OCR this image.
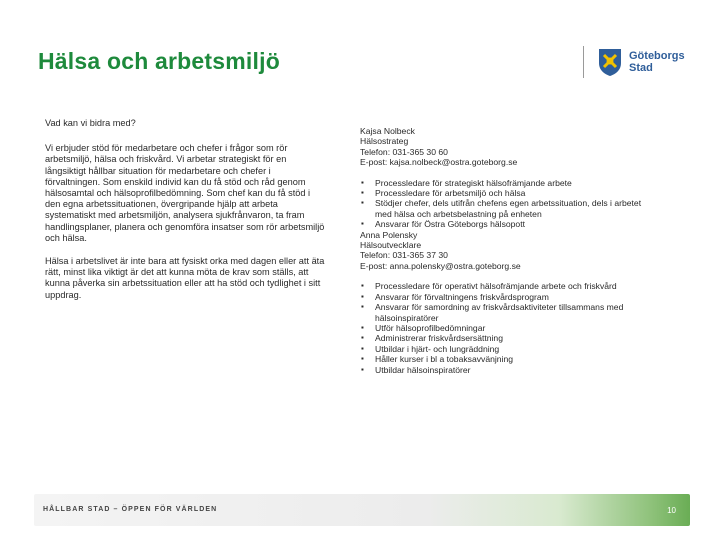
Hälsa och arbetsmiljö	Göteborgs
Stad

Vad kan vi bidra med?

Vi erbjuder stöd för medarbetare och chefer i frågor som rör arbetsmiljö, hälsa och friskvård. Vi arbetar strategiskt för en långsiktigt hållbar situation för medarbetare och chefer i förvaltningen. Som enskild individ kan du få stöd och råd genom hälsosamtal och hälsoprofilbedömning. Som chef kan du få stöd i den egna arbetssituationen, övergripande hjälp att arbeta systematiskt med arbetsmiljön, analysera sjukfrånvaron, ta fram handlingsplaner, planera och genomföra insatser som rör arbetsmiljö och hälsa.

Hälsa i arbetslivet är inte bara att fysiskt orka med dagen eller att äta rätt, minst lika viktigt är det att kunna möta de krav som ställs, att kunna påverka sin arbetssituation eller att ha stöd och tydlighet i sitt uppdrag.

Kajsa Nolbeck
Hälsostrateg
Telefon: 031-365 30 60
E-post: kajsa.nolbeck@ostra.goteborg.se
▪ Processledare för strategiskt hälsofrämjande arbete
▪ Processledare för arbetsmiljö och hälsa
▪ Stödjer chefer, dels utifrån chefens egen arbetssituation, dels i arbetet med hälsa och arbetsbelastning på enheten
▪ Ansvarar för Östra Göteborgs hälsopott
Anna Polensky
Hälsoutvecklare
Telefon: 031-365 37 30
E-post: anna.polensky@ostra.goteborg.se
▪ Processledare för operativt hälsofrämjande arbete och friskvård
▪ Ansvarar för förvaltningens friskvårdsprogram
▪ Ansvarar för samordning av friskvårdsaktiviteter tillsammans med hälsoinspiratörer
▪ Utför hälsoprofilbedömningar
▪ Administrerar friskvårdsersättning
▪ Utbildar i hjärt- och lungräddning
▪ Håller kurser i bl a tobaksavvänjning
▪ Utbildar hälsoinspiratörer
HÅLLBAR STAD – ÖPPEN FÖR VÄRLDEN	10
